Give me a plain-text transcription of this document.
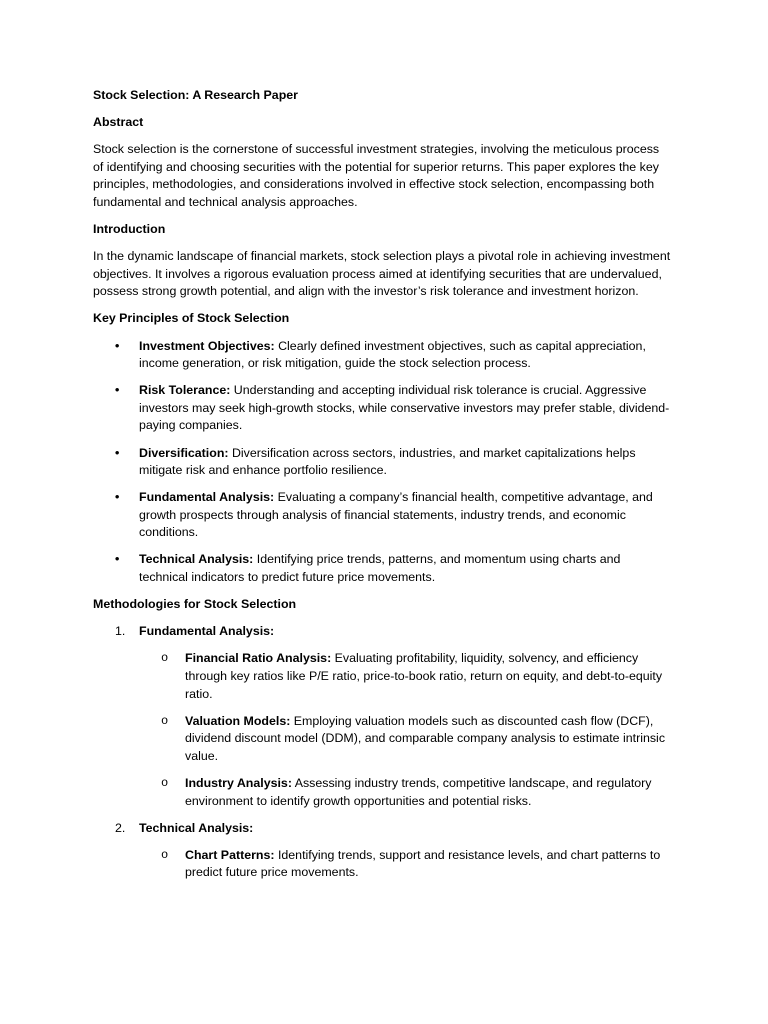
Stock Selection: A Research Paper
Abstract

Stock selection is the cornerstone of successful investment strategies, involving the meticulous process of identifying and choosing securities with the potential for superior returns. This paper explores the key principles, methodologies, and considerations involved in effective stock selection, encompassing both fundamental and technical analysis approaches.

Introduction

In the dynamic landscape of financial markets, stock selection plays a pivotal role in achieving investment objectives. It involves a rigorous evaluation process aimed at identifying securities that are undervalued, possess strong growth potential, and align with the investor’s risk tolerance and investment horizon.

Key Principles of Stock Selection
• Investment Objectives: Clearly defined investment objectives, such as capital appreciation, income generation, or risk mitigation, guide the stock selection process.
• Risk Tolerance: Understanding and accepting individual risk tolerance is crucial. Aggressive investors may seek high-growth stocks, while conservative investors may prefer stable, dividend-paying companies.
• Diversification: Diversification across sectors, industries, and market capitalizations helps mitigate risk and enhance portfolio resilience.
• Fundamental Analysis: Evaluating a company’s financial health, competitive advantage, and growth prospects through analysis of financial statements, industry trends, and economic conditions.
• Technical Analysis: Identifying price trends, patterns, and momentum using charts and technical indicators to predict future price movements.
Methodologies for Stock Selection
1. Fundamental Analysis:
o Financial Ratio Analysis: Evaluating profitability, liquidity, solvency, and efficiency through key ratios like P/E ratio, price-to-book ratio, return on equity, and debt-to-equity ratio.
o Valuation Models: Employing valuation models such as discounted cash flow (DCF), dividend discount model (DDM), and comparable company analysis to estimate intrinsic value.
o Industry Analysis: Assessing industry trends, competitive landscape, and regulatory environment to identify growth opportunities and potential risks.
2. Technical Analysis:
o Chart Patterns: Identifying trends, support and resistance levels, and chart patterns to predict future price movements.
